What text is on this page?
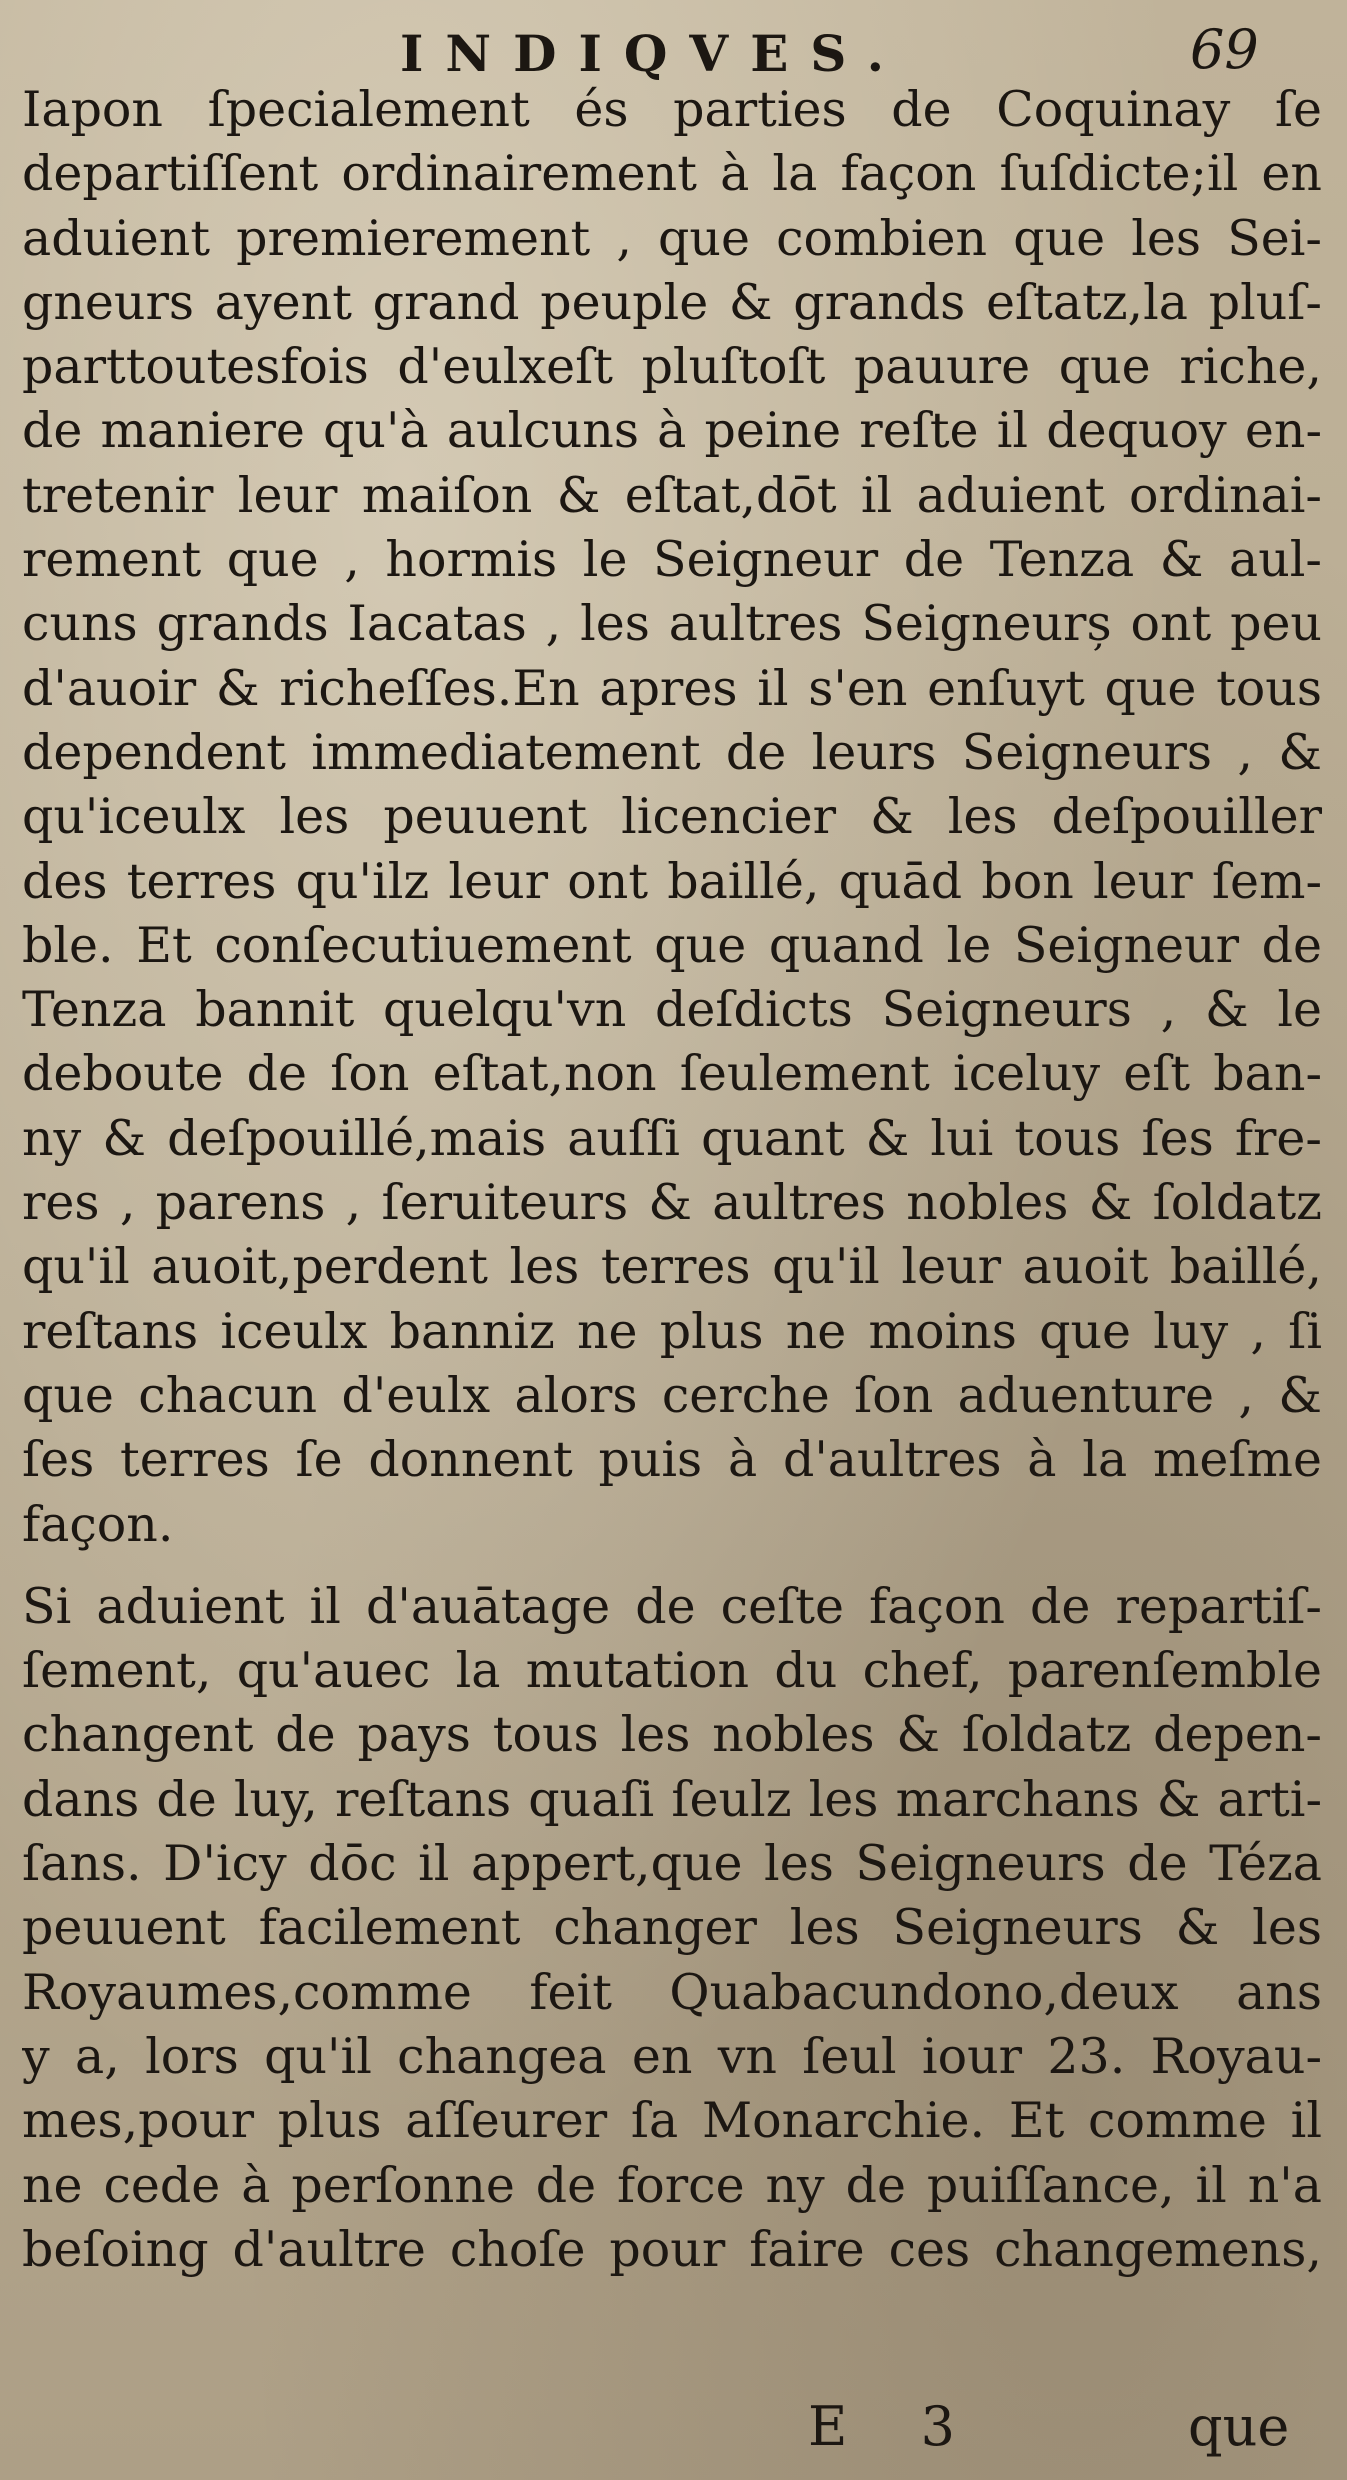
INDIQVES.	69
Iapon ſpecialement és parties de Coquinay ſe
departiſſent ordinairement à la façon ſuſdicte;il en
aduient premierement , que combien que les Sei-
gneurs ayent grand peuple & grands eſtatz,la pluſ-
parttoutesfois d'eulxeſt pluſtoſt pauure que riche,
de maniere qu'à aulcuns à peine reſte il dequoy en-
tretenir leur maiſon & eſtat,dōt il aduient ordinai-
rement que , hormis le Seigneur de Tenza & aul-
cuns grands Iacatas , les aultres Seigneurș ont peu
d'auoir & richeſſes.En apres il s'en enſuyt que tous
dependent immediatement de leurs Seigneurs , &
qu'iceulx les peuuent licencier & les deſpouiller
des terres qu'ilz leur ont baillé, quād bon leur ſem-
ble. Et conſecutiuement que quand le Seigneur de
Tenza bannit quelqu'vn deſdicts Seigneurs , & le
deboute de ſon eſtat,non ſeulement iceluy eſt ban-
ny & deſpouillé,mais auſſi quant & lui tous ſes fre-
res , parens , ſeruiteurs & aultres nobles & ſoldatz
qu'il auoit,perdent les terres qu'il leur auoit baillé,
reſtans iceulx banniz ne plus ne moins que luy , ſi
que chacun d'eulx alors cerche ſon aduenture , &
ſes terres ſe donnent puis à d'aultres à la meſme
façon.
Si aduient il d'auātage de ceſte façon de repartiſ-
ſement, qu'auec la mutation du chef, parenſemble
changent de pays tous les nobles & ſoldatz depen-
dans de luy, reſtans quaſi ſeulz les marchans & arti-
ſans. D'icy dōc il appert,que les Seigneurs de Téza
peuuent facilement changer les Seigneurs & les
Royaumes,comme feit Quabacundono,deux ans
y a, lors qu'il changea en vn ſeul iour 23. Royau-
mes,pour plus aſſeurer ſa Monarchie. Et comme il
ne cede à perſonne de force ny de puiſſance, il n'a
beſoing d'aultre choſe pour faire ces changemens,
E 3	que
